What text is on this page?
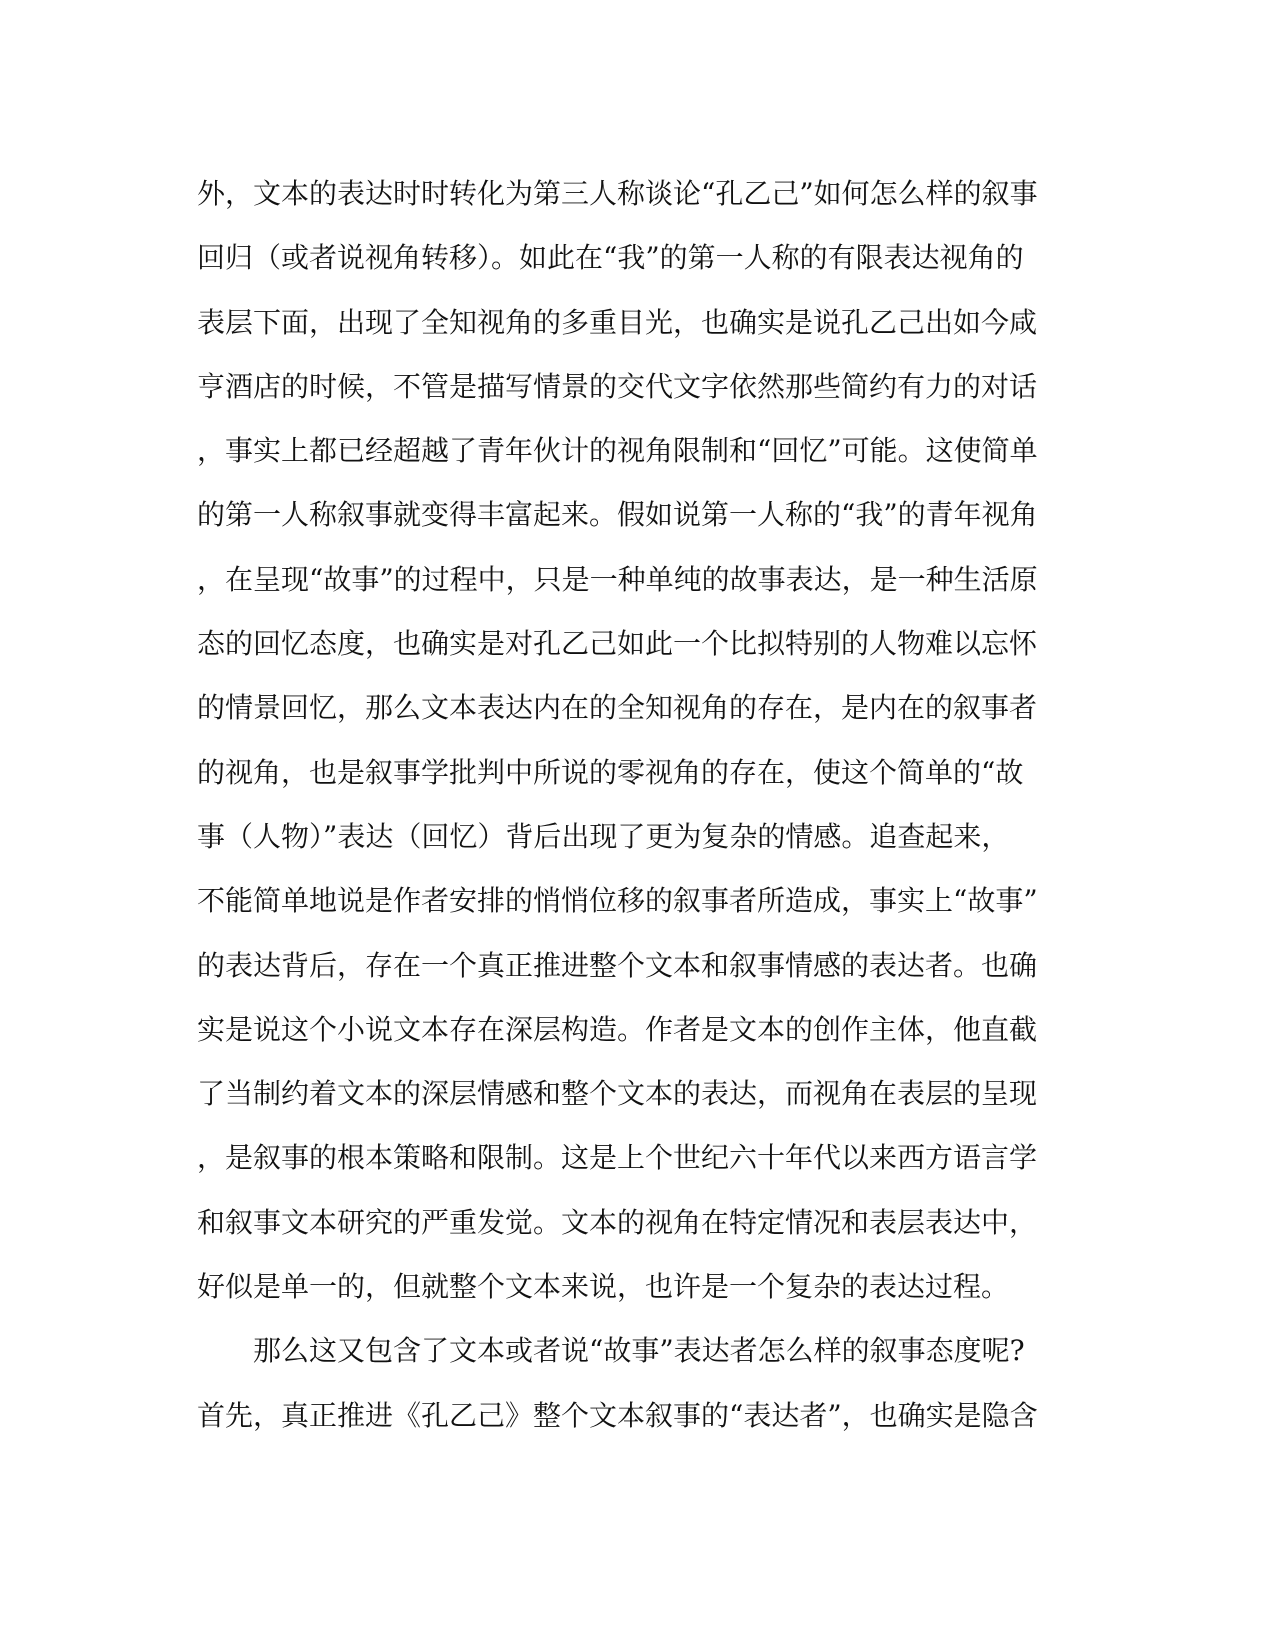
外，文本的表达时时转化为第三人称谈论“孔乙己”如何怎么样的叙事
回归（或者说视角转移）。如此在“我”的第一人称的有限表达视角的
表层下面，出现了全知视角的多重目光，也确实是说孔乙己出如今咸
亨酒店的时候，不管是描写情景的交代文字依然那些简约有力的对话
，事实上都已经超越了青年伙计的视角限制和“回忆”可能。这使简单
的第一人称叙事就变得丰富起来。假如说第一人称的“我”的青年视角
，在呈现“故事”的过程中，只是一种单纯的故事表达，是一种生活原
态的回忆态度，也确实是对孔乙己如此一个比拟特别的人物难以忘怀
的情景回忆，那么文本表达内在的全知视角的存在，是内在的叙事者
的视角，也是叙事学批判中所说的零视角的存在，使这个简单的“故
事（人物）”表达（回忆）背后出现了更为复杂的情感。追查起来，
不能简单地说是作者安排的悄悄位移的叙事者所造成，事实上“故事”
的表达背后，存在一个真正推进整个文本和叙事情感的表达者。也确
实是说这个小说文本存在深层构造。作者是文本的创作主体，他直截
了当制约着文本的深层情感和整个文本的表达，而视角在表层的呈现
，是叙事的根本策略和限制。这是上个世纪六十年代以来西方语言学
和叙事文本研究的严重发觉。文本的视角在特定情况和表层表达中，
好似是单一的，但就整个文本来说，也许是一个复杂的表达过程。
那么这又包含了文本或者说“故事”表达者怎么样的叙事态度呢?
首先，真正推进《孔乙己》整个文本叙事的“表达者”，也确实是隐含
